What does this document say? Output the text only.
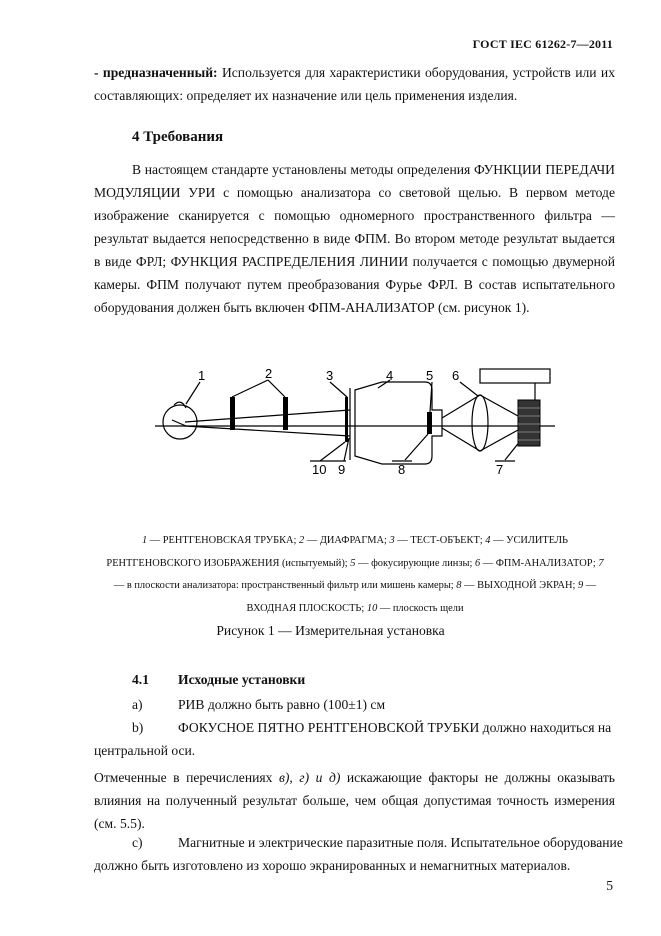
ГОСТ IEC 61262-7—2011
- предназначенный: Используется для характеристики оборудования, устройств или их составляющих: определяет их назначение или цель применения изделия.
4 Требования
В настоящем стандарте установлены методы определения ФУНКЦИИ ПЕРЕДАЧИ МОДУЛЯЦИИ УРИ с помощью анализатора со световой щелью. В первом методе изображение сканируется с помощью одномерного пространственного фильтра — результат выдается непосредственно в виде ФПМ. Во втором методе результат выдается в виде ФРЛ; ФУНКЦИЯ РАСПРЕДЕЛЕНИЯ ЛИНИИ получается с помощью двумерной камеры. ФПМ получают путем преобразования Фурье ФРЛ. В состав испытательного оборудования должен быть включен ФПМ-АНАЛИЗАТОР (см. рисунок 1).
1	2	3	4	5 6
7
8
9
10
1 — РЕНТГЕНОВСКАЯ ТРУБКА; 2 — ДИАФРАГМА; 3 — ТЕСТ-ОБЪЕКТ; 4 — УСИЛИТЕЛЬ РЕНТГЕНОВСКОГО ИЗОБРАЖЕНИЯ (испытуемый); 5 — фокусирующие линзы; 6 — ФПМ-АНАЛИЗАТОР; 7 — в плоскости анализатора: пространственный фильтр или мишень камеры; 8 — ВЫХОДНОЙ ЭКРАН; 9 — ВХОДНАЯ ПЛОСКОСТЬ; 10 — плоскость щели
Рисунок 1 — Измерительная установка
4.1 Исходные установки
a)	РИВ должно быть равно (100±1) см
b)	ФОКУСНОЕ ПЯТНО РЕНТГЕНОВСКОЙ ТРУБКИ должно находиться на
центральной оси.
Отмеченные в перечислениях в), г) и д) искажающие факторы не должны оказывать влияния на полученный результат больше, чем общая допустимая точность измерения (см. 5.5).
c)	Магнитные и электрические паразитные поля. Испытательное оборудование
должно быть изготовлено из хорошо экранированных и немагнитных материалов.
5
